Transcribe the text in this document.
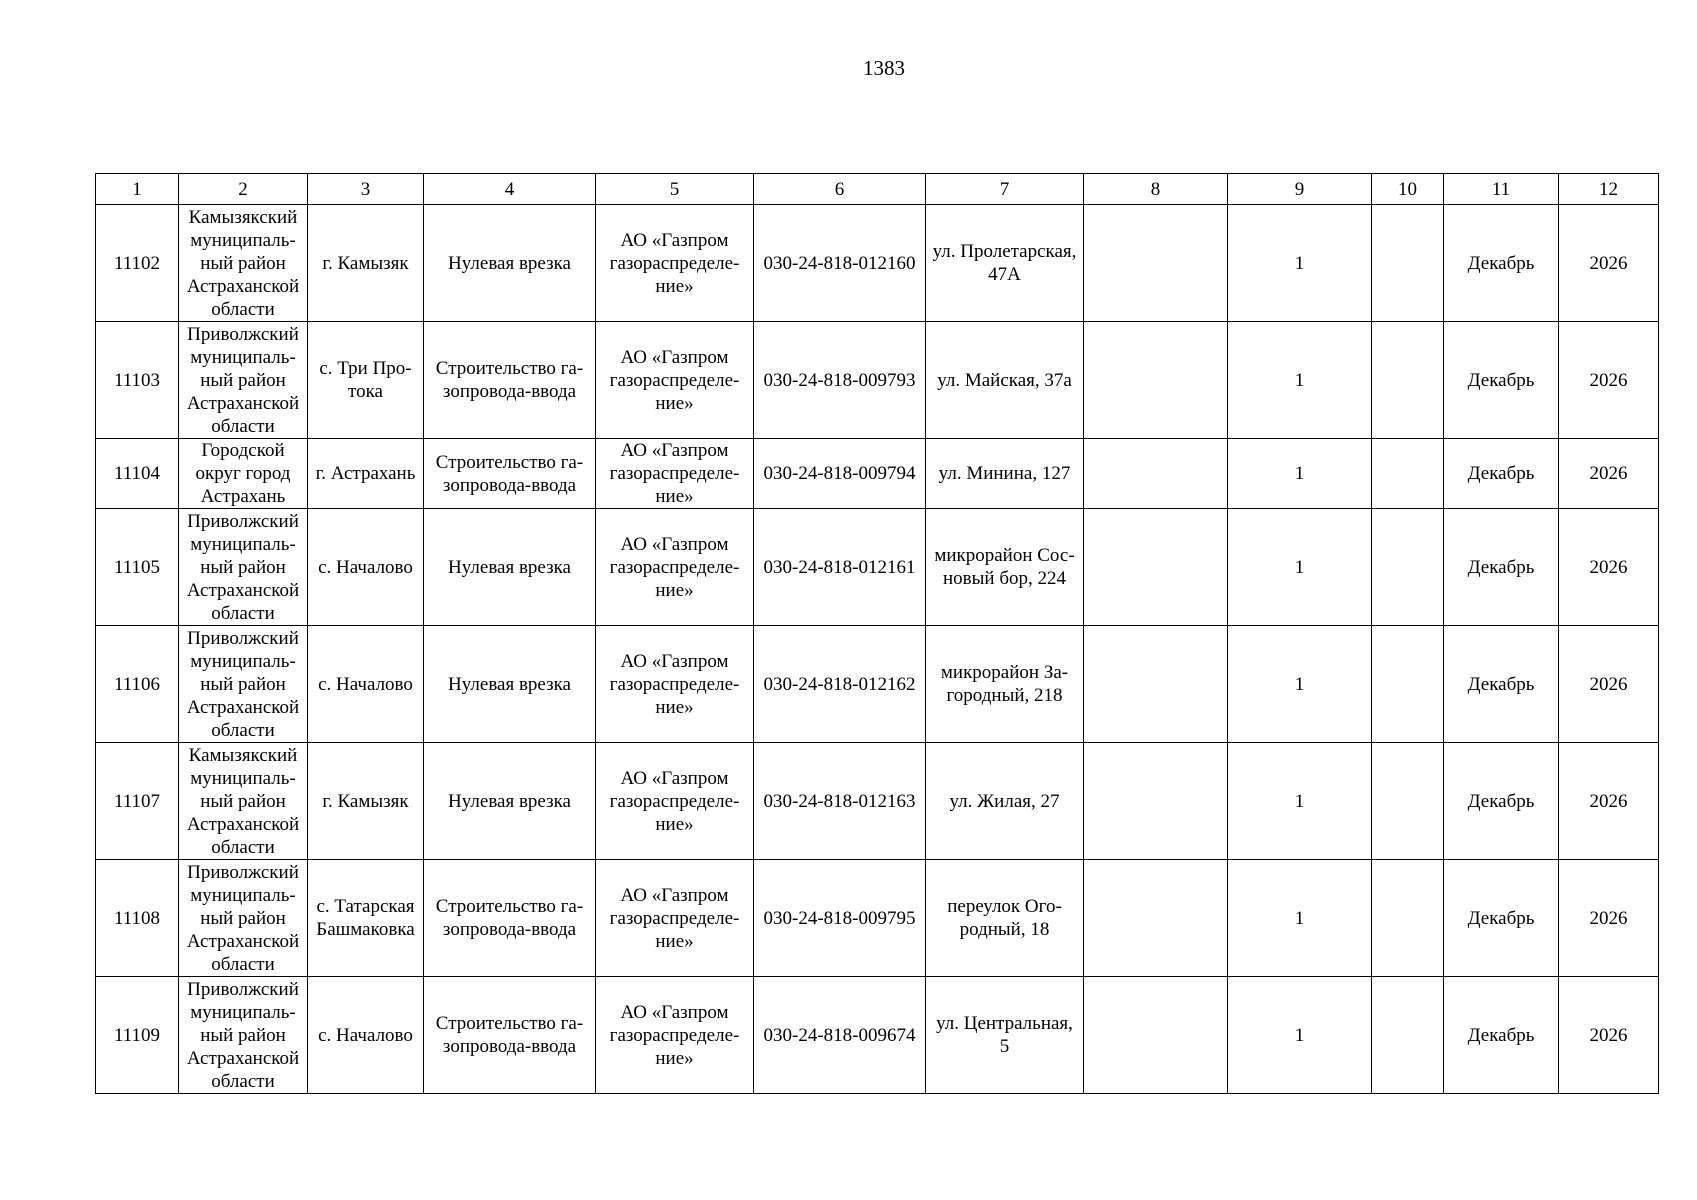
1383
1	2	3	4	5	6	7	8	9	10	11	12
11102	Камызякский
муниципаль-
ный район
Астраханской
области	г. Камызяк	Нулевая врезка	АО «Газпром
газораспределе-
ние»	030-24-818-012160	ул. Пролетарская,
47А		1		Декабрь	2026
11103	Приволжский
муниципаль-
ный район
Астраханской
области	с. Три Про-
тока	Строительство га-
зопровода-ввода	АО «Газпром
газораспределе-
ние»	030-24-818-009793	ул. Майская, 37а		1		Декабрь	2026
11104	Городской
округ город
Астрахань	г. Астрахань	Строительство га-
зопровода-ввода	АО «Газпром
газораспределе-
ние»	030-24-818-009794	ул. Минина, 127		1		Декабрь	2026
11105	Приволжский
муниципаль-
ный район
Астраханской
области	с. Началово	Нулевая врезка	АО «Газпром
газораспределе-
ние»	030-24-818-012161	микрорайон Сос-
новый бор, 224		1		Декабрь	2026
11106	Приволжский
муниципаль-
ный район
Астраханской
области	с. Началово	Нулевая врезка	АО «Газпром
газораспределе-
ние»	030-24-818-012162	микрорайон За-
городный, 218		1		Декабрь	2026
11107	Камызякский
муниципаль-
ный район
Астраханской
области	г. Камызяк	Нулевая врезка	АО «Газпром
газораспределе-
ние»	030-24-818-012163	ул. Жилая, 27		1		Декабрь	2026
11108	Приволжский
муниципаль-
ный район
Астраханской
области	с. Татарская
Башмаковка	Строительство га-
зопровода-ввода	АО «Газпром
газораспределе-
ние»	030-24-818-009795	переулок Ого-
родный, 18		1		Декабрь	2026
11109	Приволжский
муниципаль-
ный район
Астраханской
области	с. Началово	Строительство га-
зопровода-ввода	АО «Газпром
газораспределе-
ние»	030-24-818-009674	ул. Центральная,
5		1		Декабрь	2026
